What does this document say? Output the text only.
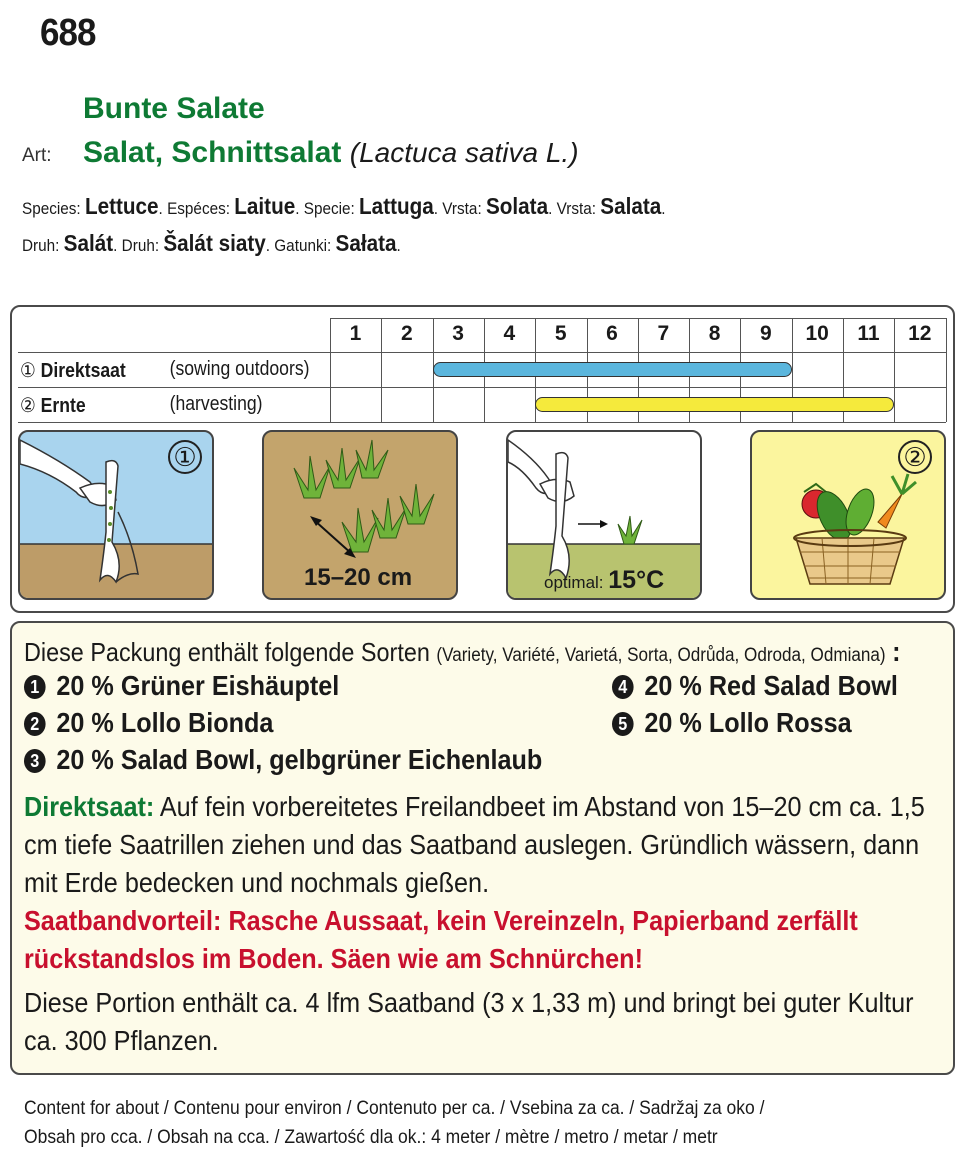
688
Bunte Salate
Art: Salat, Schnittsalat (Lactuca sativa L.)
Species: Lettuce. Espéces: Laitue. Specie: Lattuga. Vrsta: Solata. Vrsta: Salata.
Druh: Salát. Druh: Šalát siaty. Gatunki: Sałata.
① Direktsaat (sowing outdoors)
② Ernte	(harvesting)
1	2	3	4	5	6	7	8	9	10	11	12
①
15–20 cm	optimal: 15°C
②
Diese Packung enthält folgende Sorten (Variety, Variété, Varietá, Sorta, Odrůda, Odroda, Odmiana) :
1 20 % Grüner Eishäuptel
2 20 % Lollo Bionda
3 20 % Salad Bowl, gelbgrüner Eichenlaub
4 20 % Red Salad Bowl
5 20 % Lollo Rossa
Direktsaat: Auf fein vorbereitetes Freilandbeet im Abstand von 15–20 cm ca. 1,5 cm tiefe Saatrillen ziehen und das Saatband auslegen. Gründlich wässern, dann mit Erde bedecken und nochmals gießen.
Saatbandvorteil: Rasche Aussaat, kein Vereinzeln, Papierband zerfällt rückstandslos im Boden. Säen wie am Schnürchen!
Diese Portion enthält ca. 4 lfm Saatband (3 x 1,33 m) und bringt bei guter Kultur ca. 300 Pflanzen.
Content for about / Contenu pour environ / Contenuto per ca. / Vsebina za ca. / Sadržaj za oko /
Obsah pro cca. / Obsah na cca. / Zawartość dla ok.: 4 meter / mètre / metro / metar / metr
